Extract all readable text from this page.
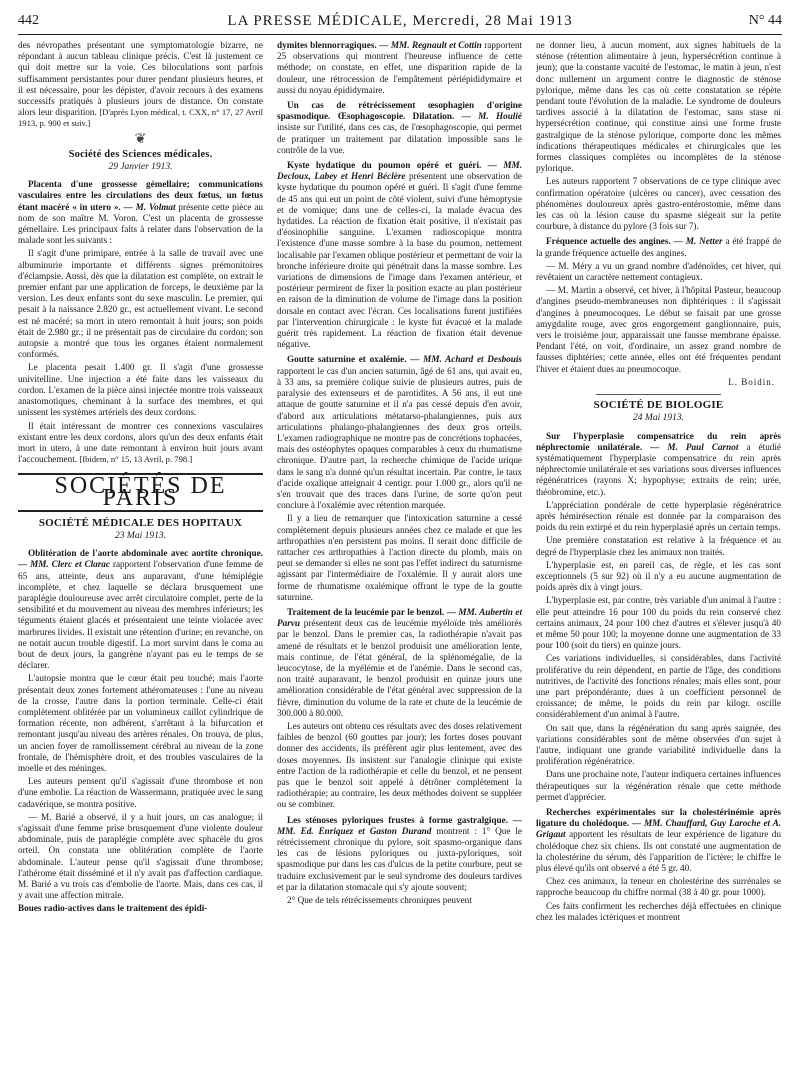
442	LA PRESSE MÉDICALE, Mercredi, 28 Mai 1913	N° 44

des névropathes présentant une symptomatologie bizarre, ne répondant à aucun tableau clinique précis. C'est là justement ce qui doit mettre sur la voie. Ces biloculations sont parfois suffisamment persistantes pour durer pendant plusieurs heures, et il est nécessaire, pour les dépister, d'avoir recours à des examens successifs pratiqués à plusieurs jours de distance. On constate alors leur disparition. [D'après Lyon médical, t. CXX, n° 17, 27 Avril 1913, p. 900 et suiv.]

❦
Société des Sciences médicales.
29 Janvier 1913.

Placenta d'une grossesse gémellaire; communications vasculaires entre les circulations des deux fœtus, un fœtus étant macéré « in utero ». — M. Volmat présente cette pièce au nom de son maître M. Voron. C'est un placenta de grossesse gémellaire. Les principaux faits à relater dans l'observation de la malade sont les suivants :

Il s'agit d'une primipare, entrée à la salle de travail avec une albuminurie importante et différents signes prémonitoires d'éclampsie. Aussi, dès que la dilatation est complète, on extrait le premier enfant par une application de forceps, le deuxième par la version. Les deux enfants sont du sexe masculin. Le premier, qui pesait à la naissance 2.820 gr., est actuellement vivant. Le second est né macéré; sa mort in utero remontait à huit jours; son poids était de 2.980 gr.; il ne présentait pas de circulaire du cordon; son autopsie a montré que tous les organes étaient normalement conformés.

Le placenta pesait 1.400 gr. Il s'agit d'une grossesse univitelline. Une injection a été faite dans les vaisseaux du cordon. L'examen de la pièce ainsi injectée montre trois vaisseaux anastomotiques, cheminant à la surface des membres, et qui unissent les systèmes artériels des deux cordons.

Il était intéressant de montrer ces connexions vasculaires existant entre les deux cordons, alors qu'un des deux enfants était mort in utero, à une date remontant à environ huit jours avant l'accouchement. [Ibidem, n° 15, 13 Avril, p. 798.]

SOCIÉTÉS DE PARIS
SOCIÉTÉ MÉDICALE DES HOPITAUX
23 Mai 1913.

Oblitération de l'aorte abdominale avec aortite chronique. — MM. Clerc et Clarac rapportent l'observation d'une femme de 65 ans, atteinte, deux ans auparavant, d'une hémiplégie incomplète, et chez laquelle se déclara brusquement une paraplégie douloureuse avec arrêt circulatoire complet, perte de la sensibilité et du mouvement au niveau des membres inférieurs; les téguments étaient glacés et présentaient une teinte violacée avec marbrures livides. Il existait une rétention d'urine; en revanche, on ne notait aucun trouble digestif. La mort survint dans le coma au bout de deux jours, la gangrène n'ayant pas eu le temps de se déclarer.

L'autopsie montra que le cœur était peu touché; mais l'aorte présentait deux zones fortement athéromateuses : l'une au niveau de la crosse, l'autre dans la portion terminale. Celle-ci était complètement oblitérée par un volumineux caillot cylindrique de formation récente, non adhérent, s'arrêtant à la bifurcation et remontant jusqu'au niveau des artères rénales. On trouva, de plus, un ancien foyer de ramollissement cérébral au niveau de la zone frontale, de l'hémisphère droit, et des troubles vasculaires de la moelle et des méninges.

Les auteurs pensent qu'il s'agissait d'une thrombose et non d'une embolie. La réaction de Wassermann, pratiquée avec le sang cadavérique, se montra positive.

— M. Barié a observé, il y a huit jours, un cas analogue; il s'agissait d'une femme prise brusquement d'une violente douleur abdominale, puis de paraplégie complète avec sphacèle du gros orteil. On constata une oblitération complète de l'aorte abdominale. L'auteur pense qu'il s'agissait d'une thrombose; l'athérome était disséminé et il n'y avait pas d'affection cardiaque. M. Barié a vu trois cas d'embolie de l'aorte. Mais, dans ces cas, il y avait une affection mitrale.

Boues radio-actives dans le traitement des épidi-

dymites blennorragiques. — MM. Regnault et Cottin rapportent 25 observations qui montrent l'heureuse influence de cette méthode; on constate, en effet, une disparition rapide de la douleur, une rétrocession de l'empâtement périépididymaire et aussi du noyau épididymaire.

Un cas de rétrécissement œsophagien d'origine spasmodique. Œsophagoscopie. Dilatation. — M. Houlié insiste sur l'utilité, dans ces cas, de l'œsophagoscopie, qui permet de pratiquer un traitement par dilatation impossible sans le contrôle de la vue.

Kyste hydatique du poumon opéré et guéri. — MM. Decloux, Labey et Henri Béclère présentent une observation de kyste hydatique du poumon opéré et guéri. Il s'agit d'une femme de 45 ans qui eut un point de côté violent, suivi d'une hémoptysie et de vomique; dans une de celles-ci, la malade évacua des hydatides. La réaction de fixation était positive, il n'existait pas d'éosinophilie sanguine. L'examen radioscopique montra l'existence d'une masse sombre à la base du poumon, nettement localisable par l'examen oblique postérieur et permettant de voir la bronche inférieure droite qui pénétrait dans la masse sombre. Les variations de dimensions de l'image dans l'examen antérieur, et postérieur permirent de fixer la position exacte au plan postérieur en raison de la diminution de volume de l'image dans la position dorsale en contact avec l'écran. Ces localisations furent justifiées par l'intervention chirurgicale : le kyste fut évacué et la malade guérit très rapidement. La réaction de fixation était devenue négative.

Goutte saturnine et oxalémie. — MM. Achard et Desbouis rapportent le cas d'un ancien saturnin, âgé de 61 ans, qui avait eu, à 33 ans, sa première colique suivie de plusieurs autres, puis de paralysie des extenseurs et de parotidites. A 56 ans, il eut une attaque de goutte saturnine et il n'a pas cessé depuis d'en avoir, d'abord aux articulations métatarso-phalangiennes, puis aux articulations phalango-phalangiennes des deux gros orteils. L'examen radiographique ne montre pas de concrétions tophacées, mais des ostéophytes opaques comparables à ceux du rhumatisme chronique. D'autre part, la recherche chimique de l'acide urique dans le sang n'a donné qu'un résultat incertain. Par contre, le taux d'acide oxalique atteignait 4 centigr. pour 1.000 gr., alors qu'il ne s'en trouvait que des traces dans l'urine, de sorte qu'on peut conclure à l'oxalémie avec rétention marquée.

Il y a lieu de remarquer que l'intoxication saturnine a cessé complètement depuis plusieurs années chez ce malade et que les arthropathies n'en persistent pas moins. Il serait donc difficile de rattacher ces arthropathies à l'action directe du plomb, mais on peut se demander si elles ne sont pas l'effet indirect du saturnisme agissant par l'intermédiaire de l'oxalémie. Il y aurait alors une forme de rhumatisme oxalémique offrant le type de la goutte saturnine.

Traitement de la leucémie par le benzol. — MM. Aubertin et Parvu présentent deux cas de leucémie myéloïde très améliorés par le benzol. Dans le premier cas, la radiothérapie n'avait pas amené de résultats et le benzol produisit une amélioration lente, mais continue, de l'état général, de la splénomégalie, de la leucocytose, de la myélémie et de l'anémie. Dans le second cas, non traité auparavant, le benzol produisit en quinze jours une amélioration considérable de l'état général avec suppression de la fièvre, diminution du volume de la rate et chute de la leucémie de 300.000 à 80.000.

Les auteurs ont obtenu ces résultats avec des doses relativement faibles de benzol (60 gouttes par jour); les fortes doses pouvant donner des accidents, ils préfèrent agir plus lentement, avec des doses moyennes. Ils insistent sur l'analogie clinique qui existe entre l'action de la radiothérapie et celle du benzol, et ne pensent pas que le benzol soit appelé à détrôner complètement la radiothérapie; au contraire, les deux méthodes doivent se suppléer ou se combiner.

Les sténoses pyloriques frustes à forme gastralgique. — MM. Ed. Enriquez et Gaston Durand montrent : 1° Que le rétrécissement chronique du pylore, soit spasmo-organique dans les cas de lésions pyloriques ou juxta-pyloriques, soit spasmodique pur dans les cas d'ulcus de la petite courbure, peut se traduire exclusivement par le seul syndrome des douleurs tardives et par la dilatation stomacale qui s'y ajoute souvent;

2° Que de tels rétrécissements chroniques peuvent

ne donner lieu, à aucun moment, aux signes habituels de la sténose (rétention alimentaire à jeun, hypersécrétion continue à jeun); que la constante vacuité de l'estomac, le matin à jeun, n'est donc nullement un argument contre le diagnostic de sténose pylorique, même dans les cas où cette constatation se répète pendant toute l'évolution de la maladie. Le syndrome de douleurs tardives associé à la dilatation de l'estomac, sans stase ni hypersécrétion continue, qui constitue ainsi une forme fruste gastralgique de la sténose pylorique, comporte donc les mêmes indications thérapeutiques médicales et chirurgicales que les formes classiques complètes ou incomplètes de la sténose pylorique.

Les auteurs rapportent 7 observations de ce type clinique avec confirmation opératoire (ulcères ou cancer), avec cessation des phénomènes douloureux après gastro-entérostomie, même dans les cas où la lésion cause du spasme siégeait sur la petite courbure, à distance du pylore (3 fois sur 7).

Fréquence actuelle des angines. — M. Netter a été frappé de la grande fréquence actuelle des angines.

— M. Méry a vu un grand nombre d'adénoïdes, cet hiver, qui revêtaient un caractère nettement contagieux.

— M. Martin a observé, cet hiver, à l'hôpital Pasteur, beaucoup d'angines pseudo-membraneuses non diphtériques : il s'agissait d'angines à pneumocoques. Le début se faisait par une grosse amygdalite rouge, avec gros engorgement ganglionnaire, puis, vers le troisième jour, apparaissait une fausse membrane épaisse. Pendant l'été, on voit, d'ordinaire, un assez grand nombre de fausses diphtéries; cette année, elles ont été fréquentes pendant l'hiver et étaient dues au pneumocoque.

L. Boidin.
SOCIÉTÉ DE BIOLOGIE
24 Mai 1913.

Sur l'hyperplasie compensatrice du rein après néphrectomie unilatérale. — M. Paul Carnot a étudié systématiquement l'hyperplasie compensatrice du rein après néphrectomie unilatérale et ses variations sous diverses influences régénératrices (rayons X; hypophyse; extraits de rein; urée, théobromine, etc.).

L'appréciation pondérale de cette hyperplasie régénératrice après hémirésection rénale est donnée par la comparaison des poids du rein extirpé et du rein hyperplasié après un certain temps.

Une première constatation est relative à la fréquence et au degré de l'hyperplasie chez les animaux non traités.

L'hyperplasie est, en pareil cas, de règle, et les cas sont exceptionnels (5 sur 92) où il n'y a eu aucune augmentation de poids après dix à vingt jours.

L'hyperplasie est, par contre, très variable d'un animal à l'autre : elle peut atteindre 16 pour 100 du poids du rein conservé chez certains animaux, 24 pour 100 chez d'autres et s'élever jusqu'à 40 et même 50 pour 100; la moyenne donne une augmentation de 33 pour 100 (soit du tiers) en quinze jours.

Ces variations individuelles, si considérables, dans l'activité proliférative du rein dépendent, en partie de l'âge, des conditions nutritives, de l'activité des fonctions rénales; mais elles sont, pour une part prépondérante, dues à un coefficient personnel de croissance; de même, le poids du rein par kilogr. oscille considérablement d'un animal à l'autre.

On sait que, dans la régénération du sang après saignée, des variations considérables sont de même observées d'un sujet à l'autre, indiquant une grande variabilité individuelle dans la prolifération régénératrice.

Dans une prochaine note, l'auteur indiquera certaines influences thérapeutiques sur la régénération rénale que cette méthode permet d'apprécier.

Recherches expérimentales sur la cholestérinémie après ligature du cholédoque. — MM. Chauffard, Guy Laroche et A. Grigaut apportent les résultats de leur expérience de ligature du cholédoque chez six chiens. Ils ont constaté une augmentation de la cholestérine du sérum, dès l'apparition de l'ictère; le chiffre le plus élevé qu'ils ont observé a été 5 gr. 40.

Chez ces animaux, la teneur en cholestérine des surrénales se rapproche beaucoup du chiffre normal (38 à 40 gr. pour 1000).

Ces faits confirment les recherches déjà effectuées en clinique chez les malades ictériques et montrent
